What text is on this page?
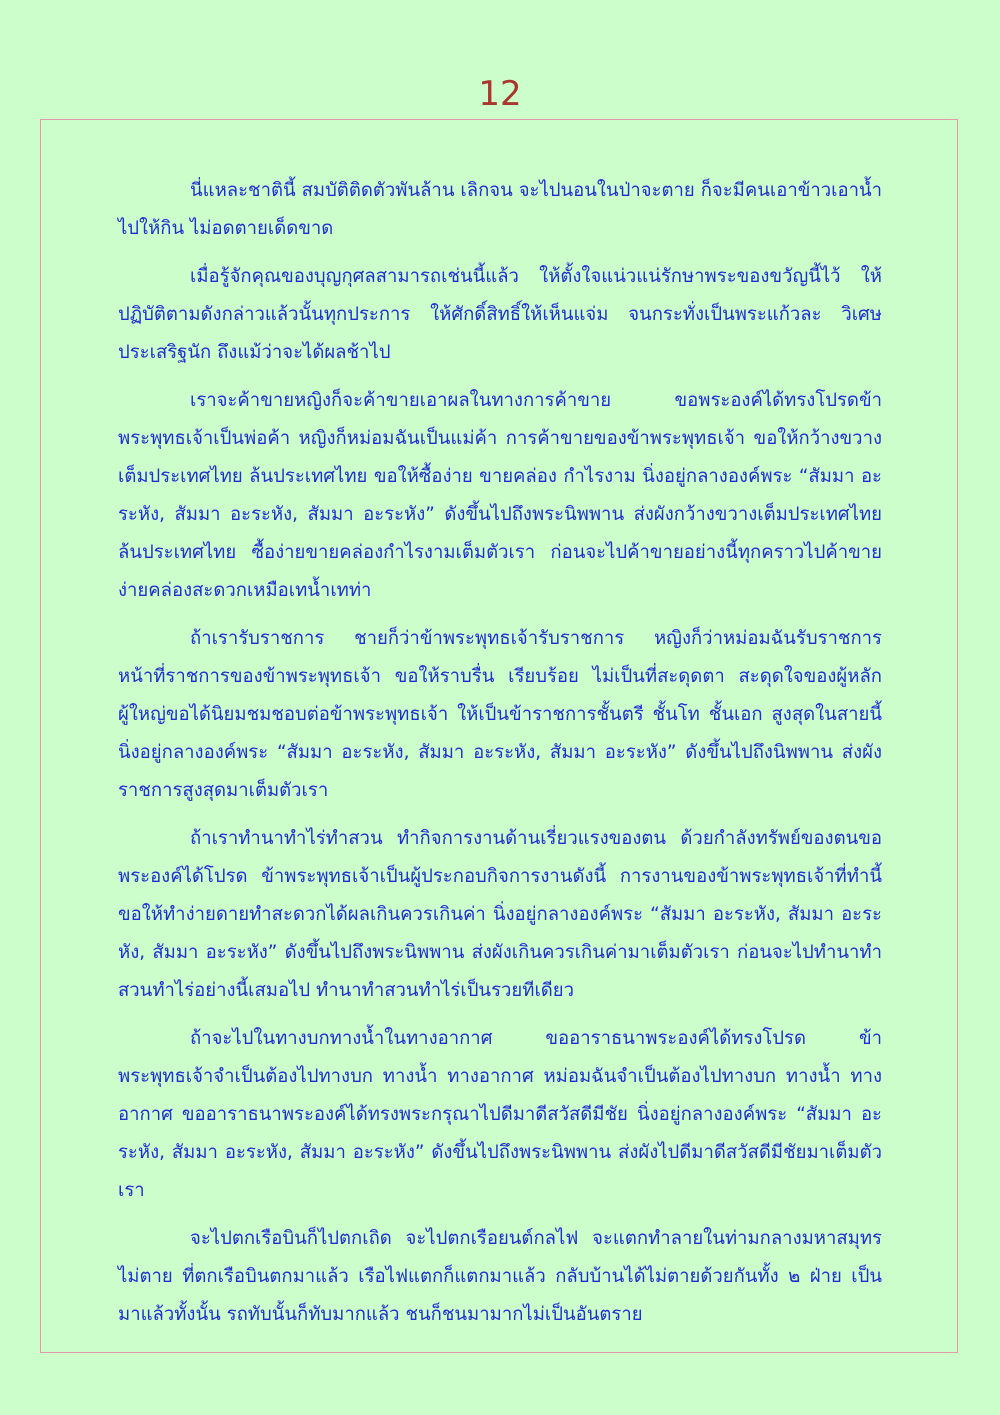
12

นี่แหละชาตินี้ สมบัติติดตัวพันล้าน เลิกจน จะไปนอนในป่าจะตาย ก็จะมีคนเอาข้าวเอาน้ำไปให้กิน ไม่อดตายเด็ดขาด

เมื่อรู้จักคุณของบุญกุศลสามารถเช่นนี้แล้ว ให้ตั้งใจแน่วแน่รักษาพระของขวัญนี้ไว้ ให้ปฏิบัติตามดังกล่าวแล้วนั้นทุกประการ ให้ศักดิ์สิทธิ์ให้เห็นแจ่ม จนกระทั่งเป็นพระแก้วละ วิเศษประเสริฐนัก ถึงแม้ว่าจะได้ผลช้าไป

เราจะค้าขายหญิงก็จะค้าขายเอาผลในทางการค้าขาย ขอพระองค์ได้ทรงโปรดข้าพระพุทธเจ้าเป็นพ่อค้า หญิงก็หม่อมฉันเป็นแม่ค้า การค้าขายของข้าพระพุทธเจ้า ขอให้กว้างขวางเต็มประเทศไทย ล้นประเทศไทย ขอให้ซื้อง่าย ขายคล่อง กำไรงาม นิ่งอยู่กลางองค์พระ “สัมมา อะระหัง, สัมมา อะระหัง, สัมมา อะระหัง” ดังขึ้นไปถึงพระนิพพาน ส่งผังกว้างขวางเต็มประเทศไทย ล้นประเทศไทย ซื้อง่ายขายคล่องกำไรงามเต็มตัวเรา ก่อนจะไปค้าขายอย่างนี้ทุกคราวไปค้าขายง่ายคล่องสะดวกเหมือเทน้ำเทท่า

ถ้าเรารับราชการ ชายก็ว่าข้าพระพุทธเจ้ารับราชการ หญิงก็ว่าหม่อมฉันรับราชการ หน้าที่ราชการของข้าพระพุทธเจ้า ขอให้ราบรื่น เรียบร้อย ไม่เป็นที่สะดุดตา สะดุดใจของผู้หลักผู้ใหญ่ขอได้นิยมชมชอบต่อข้าพระพุทธเจ้า ให้เป็นข้าราชการชั้นตรี ชั้นโท ชั้นเอก สูงสุดในสายนี้ นิ่งอยู่กลางองค์พระ “สัมมา อะระหัง, สัมมา อะระหัง, สัมมา อะระหัง” ดังขึ้นไปถึงนิพพาน ส่งผังราชการสูงสุดมาเต็มตัวเรา

ถ้าเราทำนาทำไร่ทำสวน ทำกิจการงานด้านเรี่ยวแรงของตน ด้วยกำลังทรัพย์ของตนขอพระองค์ได้โปรด ข้าพระพุทธเจ้าเป็นผู้ประกอบกิจการงานดังนี้ การงานของข้าพระพุทธเจ้าที่ทำนี้ ขอให้ทำง่ายดายทำสะดวกได้ผลเกินควรเกินค่า นิ่งอยู่กลางองค์พระ “สัมมา อะระหัง, สัมมา อะระหัง, สัมมา อะระหัง” ดังขึ้นไปถึงพระนิพพาน ส่งผังเกินควรเกินค่ามาเต็มตัวเรา ก่อนจะไปทำนาทำสวนทำไร่อย่างนี้เสมอไป ทำนาทำสวนทำไร่เป็นรวยทีเดียว

ถ้าจะไปในทางบกทางน้ำในทางอากาศ ขออาราธนาพระองค์ได้ทรงโปรด ข้าพระพุทธเจ้าจำเป็นต้องไปทางบก ทางน้ำ ทางอากาศ หม่อมฉันจำเป็นต้องไปทางบก ทางน้ำ ทางอากาศ ขออาราธนาพระองค์ได้ทรงพระกรุณาไปดีมาดีสวัสดีมีชัย นิ่งอยู่กลางองค์พระ “สัมมา อะระหัง, สัมมา อะระหัง, สัมมา อะระหัง” ดังขึ้นไปถึงพระนิพพาน ส่งผังไปดีมาดีสวัสดีมีชัยมาเต็มตัวเรา

จะไปตกเรือบินก็ไปตกเถิด จะไปตกเรือยนต์กลไฟ จะแตกทำลายในท่ามกลางมหาสมุทร ไม่ตาย ที่ตกเรือบินตกมาแล้ว เรือไฟแตกก็แตกมาแล้ว กลับบ้านได้ไม่ตายด้วยกันทั้ง ๒ ฝ่าย เป็นมาแล้วทั้งนั้น รถทับนั้นก็ทับมากแล้ว ชนก็ชนมามากไม่เป็นอันตราย
